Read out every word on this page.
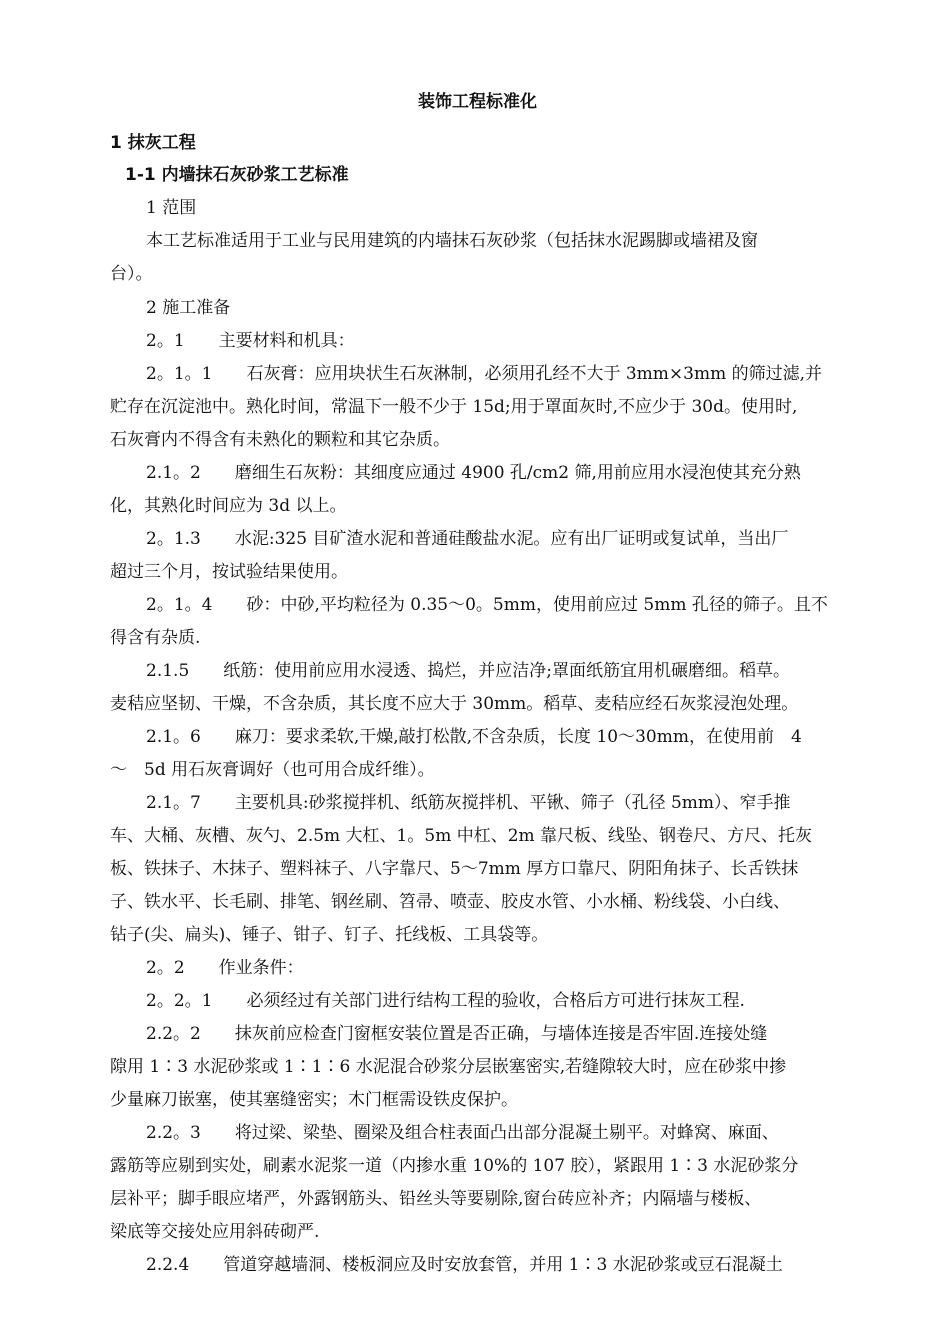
装饰工程标准化
1 抹灰工程
1-1 内墙抹石灰砂浆工艺标准
1 范围
本工艺标准适用于工业与民用建筑的内墙抹石灰砂浆（包括抹水泥踢脚或墙裙及窗
台）。
2 施工准备
2。1　　主要材料和机具：
2。1。1　　石灰膏：应用块状生石灰淋制，必须用孔经不大于 3mm×3mm 的筛过滤,并
贮存在沉淀池中。熟化时间，常温下一般不少于 15d;用于罩面灰时,不应少于 30d。使用时,
石灰膏内不得含有未熟化的颗粒和其它杂质。
2.1。2　　磨细生石灰粉：其细度应通过 4900 孔/cm2 筛,用前应用水浸泡使其充分熟
化，其熟化时间应为 3d 以上。
2。1.3　　水泥:325 目矿渣水泥和普通硅酸盐水泥。应有出厂证明或复试单，当出厂
超过三个月，按试验结果使用。
2。1。4　　砂：中砂,平均粒径为 0.35～0。5mm，使用前应过 5mm 孔径的筛子。且不
得含有杂质.
2.1.5　　纸筋：使用前应用水浸透、捣烂，并应洁净;罩面纸筋宜用机碾磨细。稻草。
麦秸应坚韧、干燥，不含杂质，其长度不应大于 30mm。稻草、麦秸应经石灰浆浸泡处理。
2.1。6　　麻刀：要求柔软,干燥,敲打松散,不含杂质，长度 10～30mm，在使用前　4
～　5d 用石灰膏调好（也可用合成纤维）。
2.1。7　　主要机具:砂浆搅拌机、纸筋灰搅拌机、平锹、筛子（孔径 5mm）、窄手推
车、大桶、灰槽、灰勺、2.5m 大杠、1。5m 中杠、2m 靠尺板、线坠、钢卷尺、方尺、托灰
板、铁抹子、木抹子、塑料袜子、八字靠尺、5～7mm 厚方口靠尺、阴阳角抹子、长舌铁抹
子、铁水平、长毛刷、排笔、钢丝刷、笤帚、喷壶、胶皮水管、小水桶、粉线袋、小白线、
钻子(尖、扁头)、锤子、钳子、钉子、托线板、工具袋等。
2。2　　作业条件：
2。2。1　　必须经过有关部门进行结构工程的验收，合格后方可进行抹灰工程.
2.2。2　　抹灰前应检查门窗框安装位置是否正确，与墙体连接是否牢固.连接处缝
隙用 1∶3 水泥砂浆或 1∶1∶6 水泥混合砂浆分层嵌塞密实,若缝隙较大时，应在砂浆中掺
少量麻刀嵌塞，使其塞缝密实；木门框需设铁皮保护。
2.2。3　　将过梁、梁垫、圈梁及组合柱表面凸出部分混凝土剔平。对蜂窝、麻面、
露筋等应剔到实处，刷素水泥浆一道（内掺水重 10%的 107 胶），紧跟用 1∶3 水泥砂浆分
层补平；脚手眼应堵严，外露钢筋头、铅丝头等要剔除,窗台砖应补齐；内隔墙与楼板、
梁底等交接处应用斜砖砌严.
2.2.4　　管道穿越墙洞、楼板洞应及时安放套管，并用 1∶3 水泥砂浆或豆石混凝土
